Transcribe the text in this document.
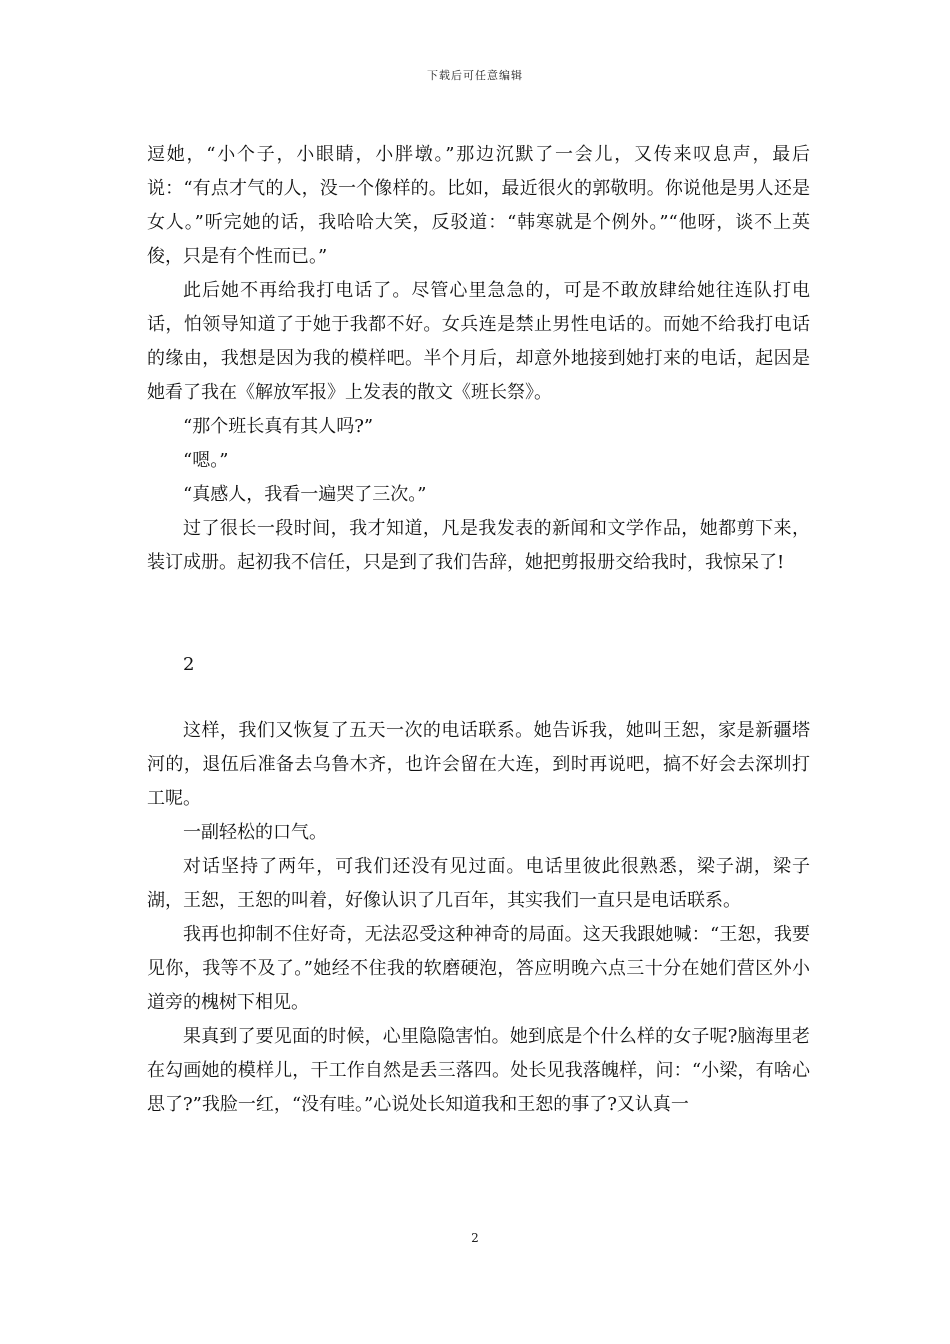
下载后可任意编辑

逗她，“小个子，小眼睛，小胖墩。”那边沉默了一会儿，又传来叹息声，最后说：“有点才气的人，没一个像样的。比如，最近很火的郭敬明。你说他是男人还是女人。”听完她的话，我哈哈大笑，反驳道：“韩寒就是个例外。”“他呀，谈不上英俊，只是有个性而已。”

此后她不再给我打电话了。尽管心里急急的，可是不敢放肆给她往连队打电话，怕领导知道了于她于我都不好。女兵连是禁止男性电话的。而她不给我打电话的缘由，我想是因为我的模样吧。半个月后，却意外地接到她打来的电话，起因是她看了我在《解放军报》上发表的散文《班长祭》。

“那个班长真有其人吗?”

“嗯。”

“真感人，我看一遍哭了三次。”

过了很长一段时间，我才知道，凡是我发表的新闻和文学作品，她都剪下来，装订成册。起初我不信任，只是到了我们告辞，她把剪报册交给我时，我惊呆了!

2

这样，我们又恢复了五天一次的电话联系。她告诉我，她叫王恕，家是新疆塔河的，退伍后准备去乌鲁木齐，也许会留在大连，到时再说吧，搞不好会去深圳打工呢。

一副轻松的口气。

对话坚持了两年，可我们还没有见过面。电话里彼此很熟悉，梁子湖，梁子湖，王恕，王恕的叫着，好像认识了几百年，其实我们一直只是电话联系。

我再也抑制不住好奇，无法忍受这种神奇的局面。这天我跟她喊：“王恕，我要见你，我等不及了。”她经不住我的软磨硬泡，答应明晚六点三十分在她们营区外小道旁的槐树下相见。

果真到了要见面的时候，心里隐隐害怕。她到底是个什么样的女子呢?脑海里老在勾画她的模样儿，干工作自然是丢三落四。处长见我落魄样，问：“小梁，有啥心思了?”我脸一红，“没有哇。”心说处长知道我和王恕的事了?又认真一

2
